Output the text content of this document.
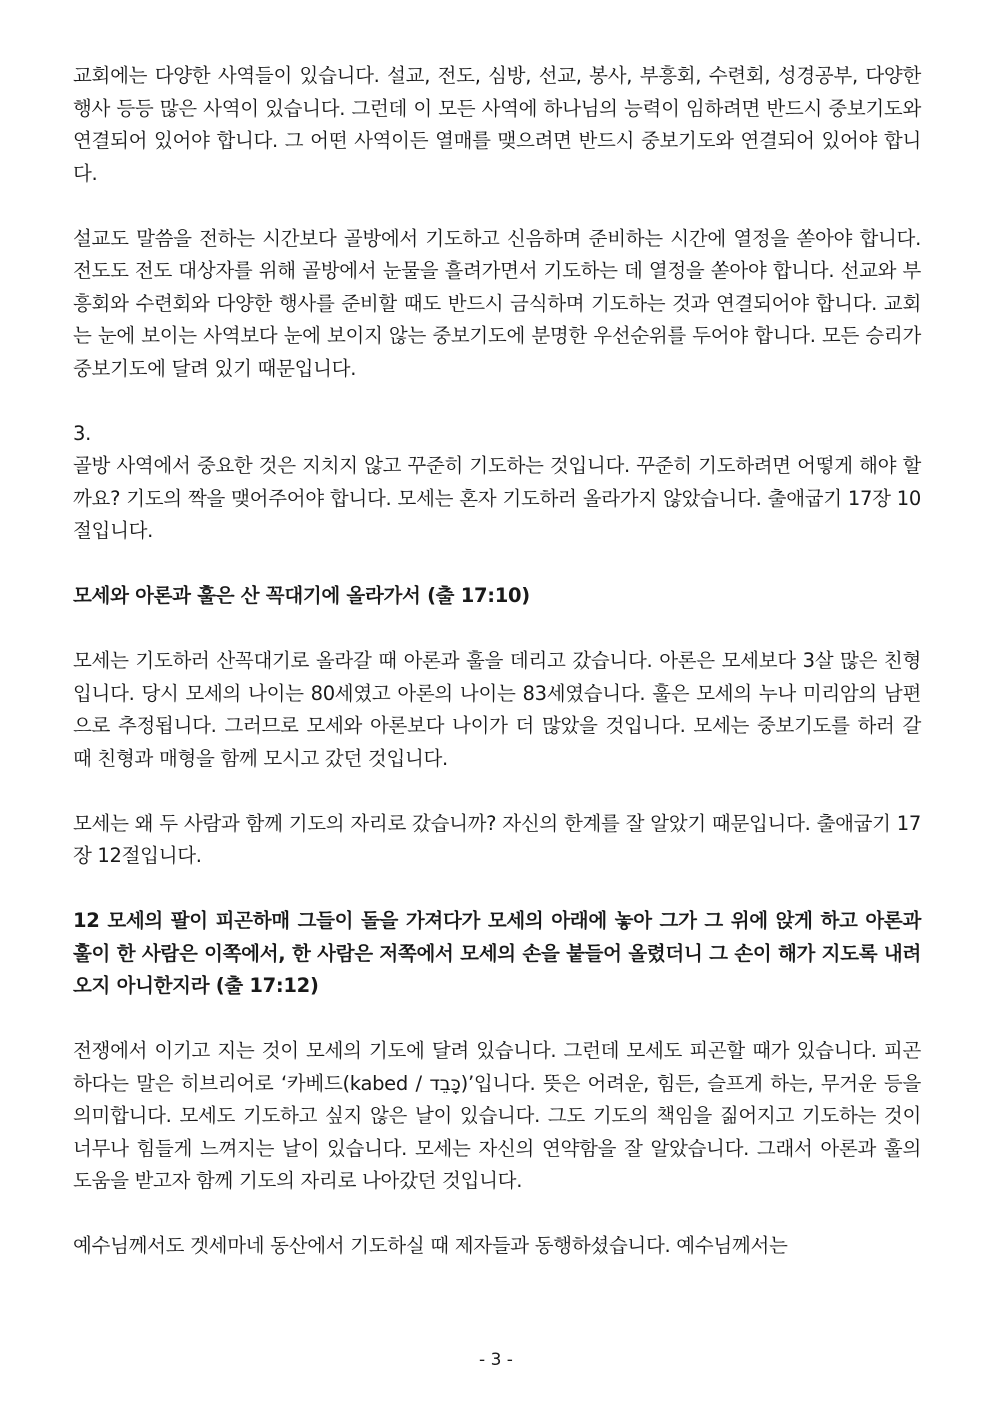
교회에는 다양한 사역들이 있습니다. 설교, 전도, 심방, 선교, 봉사, 부흥회, 수련회, 성경공부, 다양한 행사 등등 많은 사역이 있습니다. 그런데 이 모든 사역에 하나님의 능력이 임하려면 반드시 중보기도와 연결되어 있어야 합니다. 그 어떤 사역이든 열매를 맺으려면 반드시 중보기도와 연결되어 있어야 합니다.

설교도 말씀을 전하는 시간보다 골방에서 기도하고 신음하며 준비하는 시간에 열정을 쏟아야 합니다. 전도도 전도 대상자를 위해 골방에서 눈물을 흘려가면서 기도하는 데 열정을 쏟아야 합니다. 선교와 부흥회와 수련회와 다양한 행사를 준비할 때도 반드시 금식하며 기도하는 것과 연결되어야 합니다. 교회는 눈에 보이는 사역보다 눈에 보이지 않는 중보기도에 분명한 우선순위를 두어야 합니다. 모든 승리가 중보기도에 달려 있기 때문입니다.

3.

골방 사역에서 중요한 것은 지치지 않고 꾸준히 기도하는 것입니다. 꾸준히 기도하려면 어떻게 해야 할까요? 기도의 짝을 맺어주어야 합니다. 모세는 혼자 기도하러 올라가지 않았습니다. 출애굽기 17장 10절입니다.

모세와 아론과 훌은 산 꼭대기에 올라가서 (출 17:10)

모세는 기도하러 산꼭대기로 올라갈 때 아론과 훌을 데리고 갔습니다. 아론은 모세보다 3살 많은 친형입니다. 당시 모세의 나이는 80세였고 아론의 나이는 83세였습니다. 훌은 모세의 누나 미리암의 남편으로 추정됩니다. 그러므로 모세와 아론보다 나이가 더 많았을 것입니다. 모세는 중보기도를 하러 갈 때 친형과 매형을 함께 모시고 갔던 것입니다.

모세는 왜 두 사람과 함께 기도의 자리로 갔습니까? 자신의 한계를 잘 알았기 때문입니다. 출애굽기 17장 12절입니다.

12 모세의 팔이 피곤하매 그들이 돌을 가져다가 모세의 아래에 놓아 그가 그 위에 앉게 하고 아론과 훌이 한 사람은 이쪽에서, 한 사람은 저쪽에서 모세의 손을 붙들어 올렸더니 그 손이 해가 지도록 내려오지 아니한지라 (출 17:12)

전쟁에서 이기고 지는 것이 모세의 기도에 달려 있습니다. 그런데 모세도 피곤할 때가 있습니다. 피곤하다는 말은 히브리어로 ‘카베드(kabed / כָּבֵד)’입니다. 뜻은 어려운, 힘든, 슬프게 하는, 무거운 등을 의미합니다. 모세도 기도하고 싶지 않은 날이 있습니다. 그도 기도의 책임을 짊어지고 기도하는 것이 너무나 힘들게 느껴지는 날이 있습니다. 모세는 자신의 연약함을 잘 알았습니다. 그래서 아론과 훌의 도움을 받고자 함께 기도의 자리로 나아갔던 것입니다.

예수님께서도 겟세마네 동산에서 기도하실 때 제자들과 동행하셨습니다. 예수님께서는

- 3 -
